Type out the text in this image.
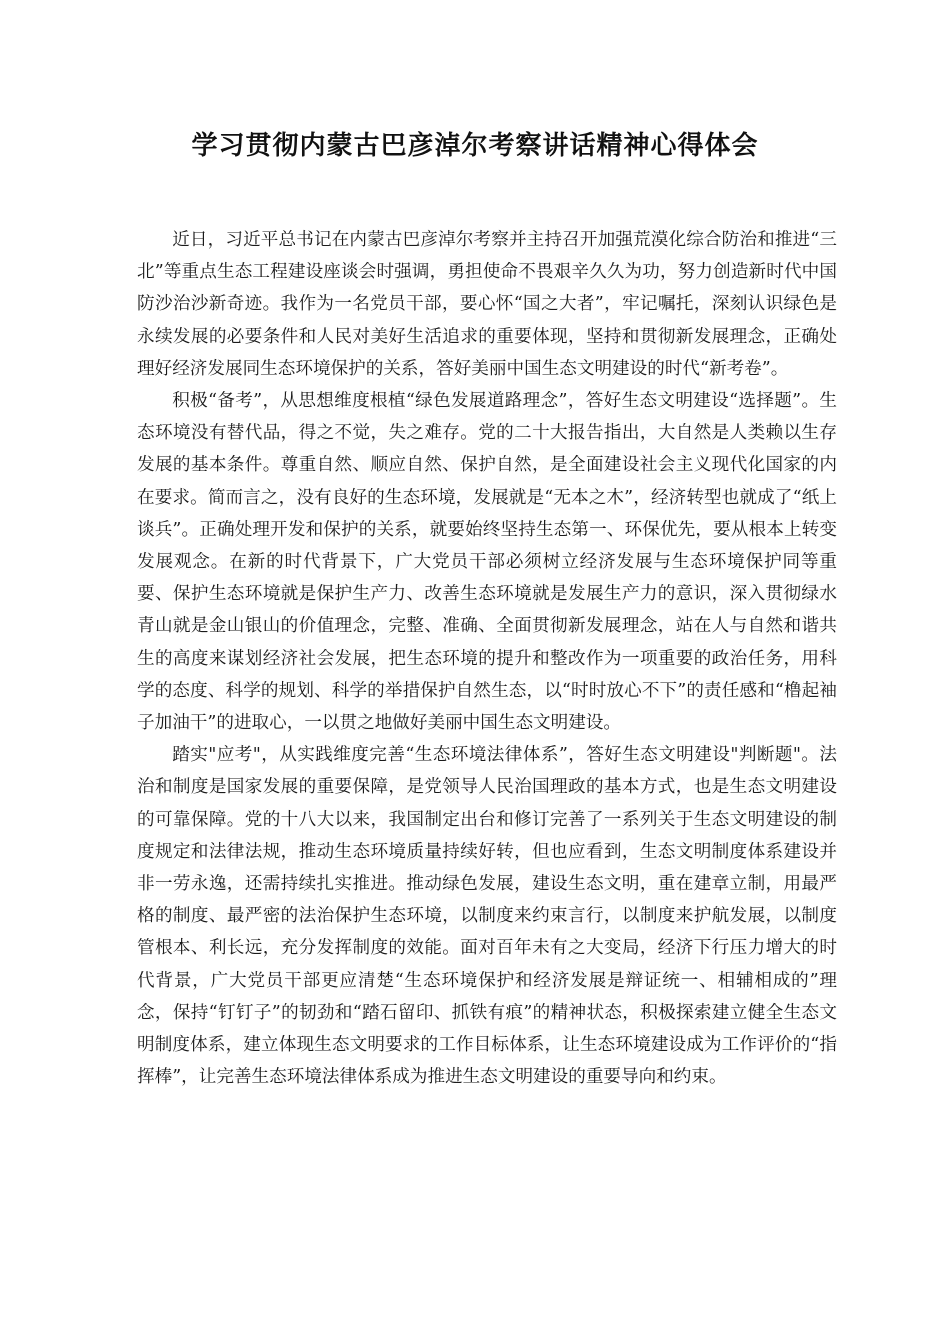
学习贯彻内蒙古巴彦淖尔考察讲话精神心得体会

近日，习近平总书记在内蒙古巴彦淖尔考察并主持召开加强荒漠化综合防治和推进“三北”等重点生态工程建设座谈会时强调，勇担使命不畏艰辛久久为功，努力创造新时代中国防沙治沙新奇迹。我作为一名党员干部，要心怀“国之大者”，牢记嘱托，深刻认识绿色是永续发展的必要条件和人民对美好生活追求的重要体现，坚持和贯彻新发展理念，正确处理好经济发展同生态环境保护的关系，答好美丽中国生态文明建设的时代“新考卷”。

积极“备考”，从思想维度根植“绿色发展道路理念”，答好生态文明建设“选择题”。生态环境没有替代品，得之不觉，失之难存。党的二十大报告指出，大自然是人类赖以生存发展的基本条件。尊重自然、顺应自然、保护自然，是全面建设社会主义现代化国家的内在要求。简而言之，没有良好的生态环境，发展就是“无本之木”，经济转型也就成了“纸上谈兵”。正确处理开发和保护的关系，就要始终坚持生态第一、环保优先，要从根本上转变发展观念。在新的时代背景下，广大党员干部必须树立经济发展与生态环境保护同等重要、保护生态环境就是保护生产力、改善生态环境就是发展生产力的意识，深入贯彻绿水青山就是金山银山的价值理念，完整、准确、全面贯彻新发展理念，站在人与自然和谐共生的高度来谋划经济社会发展，把生态环境的提升和整改作为一项重要的政治任务，用科学的态度、科学的规划、科学的举措保护自然生态，以“时时放心不下”的责任感和“橹起袖子加油干”的进取心，一以贯之地做好美丽中国生态文明建设。

踏实"应考"，从实践维度完善“生态环境法律体系”，答好生态文明建设"判断题"。法治和制度是国家发展的重要保障，是党领导人民治国理政的基本方式，也是生态文明建设的可靠保障。党的十八大以来，我国制定出台和修订完善了一系列关于生态文明建设的制度规定和法律法规，推动生态环境质量持续好转，但也应看到，生态文明制度体系建设并非一劳永逸，还需持续扎实推进。推动绿色发展，建设生态文明，重在建章立制，用最严格的制度、最严密的法治保护生态环境，以制度来约束言行，以制度来护航发展，以制度管根本、利长远，充分发挥制度的效能。面对百年未有之大变局，经济下行压力增大的时代背景，广大党员干部更应清楚“生态环境保护和经济发展是辩证统一、相辅相成的”理念，保持“钉钉子”的韧劲和“踏石留印、抓铁有痕”的精神状态，积极探索建立健全生态文明制度体系，建立体现生态文明要求的工作目标体系，让生态环境建设成为工作评价的“指挥棒”，让完善生态环境法律体系成为推进生态文明建设的重要导向和约束。
